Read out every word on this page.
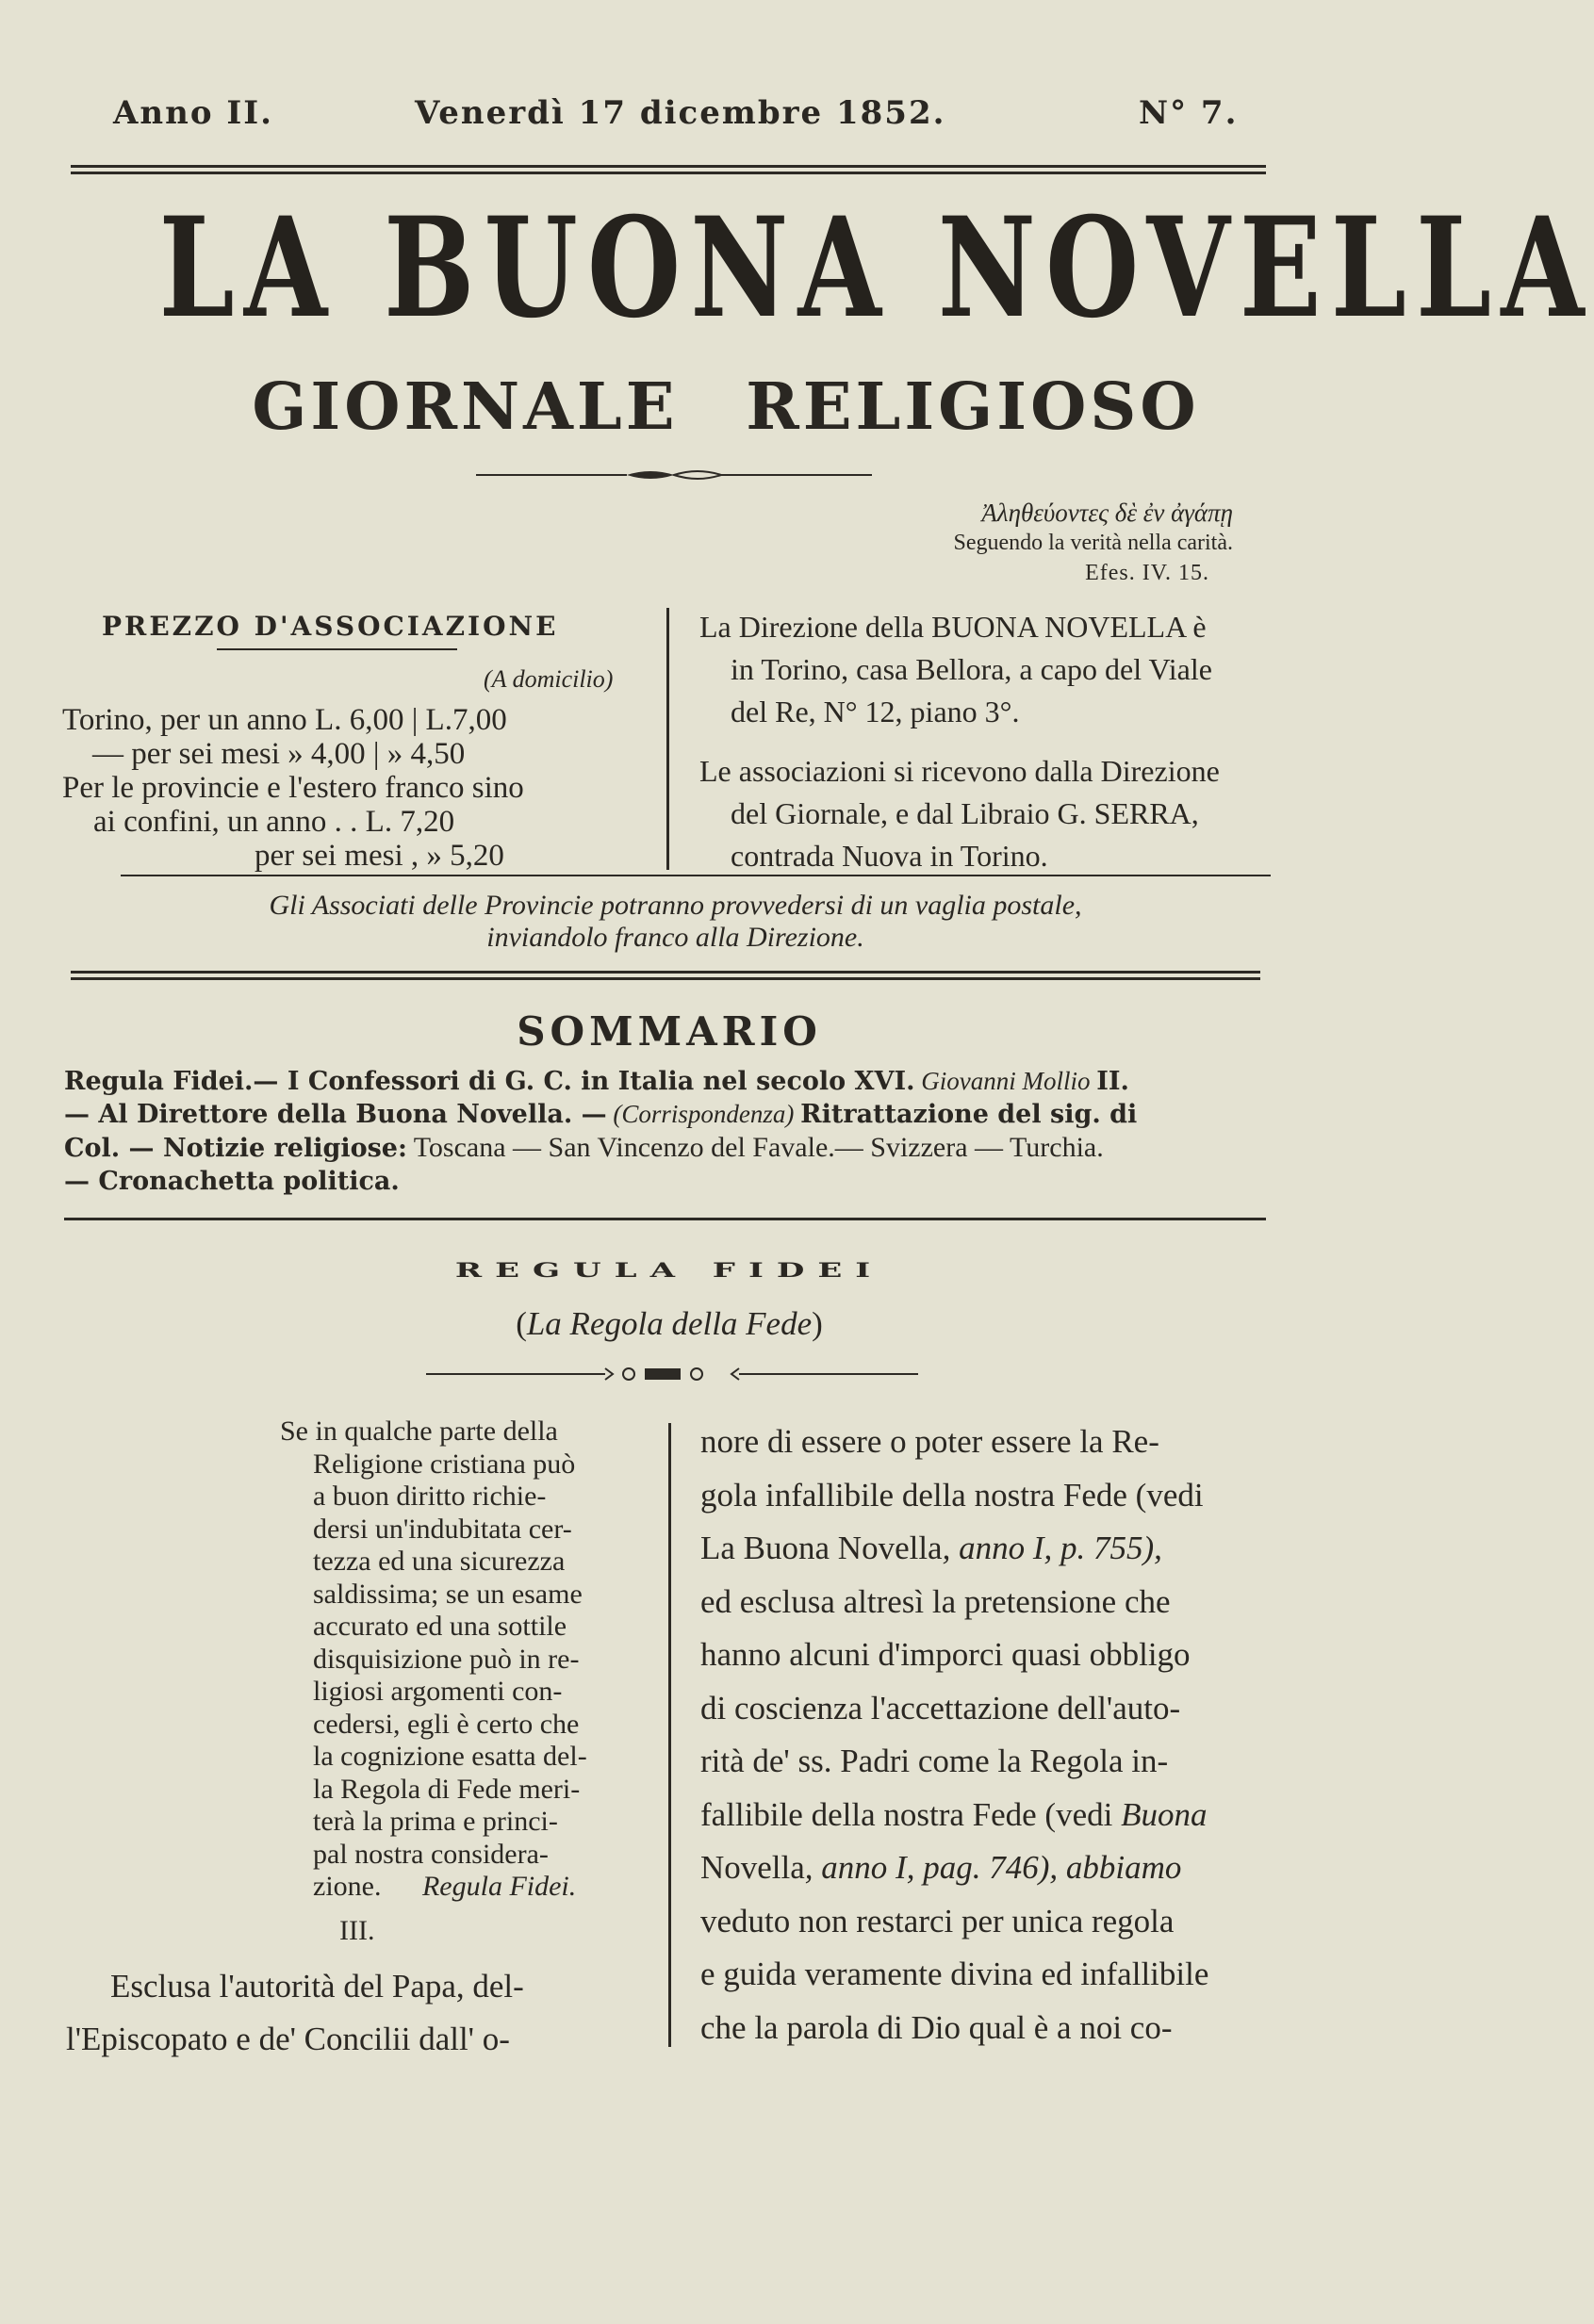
Anno II.	Venerdì 17 dicembre 1852.	N° 7.
LA BUONA NOVELLA
GIORNALE RELIGIOSO
Ἀληθεύοντες δὲ ἐν ἀγάπῃ
Seguendo la verità nella carità.
Efes. IV. 15.
PREZZO D'ASSOCIAZIONE
(A domicilio)
Torino, per un anno L. 6,00 | L.7,00
— per sei mesi » 4,00 | » 4,50
Per le provincie e l'estero franco sino
ai confini, un anno . . L. 7,20
per sei mesi , » 5,20
La Direzione della BUONA NOVELLA è
in Torino, casa Bellora, a capo del Viale
del Re, N° 12, piano 3°.
Le associazioni si ricevono dalla Direzione
del Giornale, e dal Libraio G. SERRA,
contrada Nuova in Torino.
Gli Associati delle Provincie potranno provvedersi di un vaglia postale,
inviandolo franco alla Direzione.
SOMMARIO
Regula Fidei.— I Confessori di G. C. in Italia nel secolo XVI. Giovanni Mollio II.
— Al Direttore della Buona Novella. — (Corrispondenza) Ritrattazione del sig. di
Col. — Notizie religiose: Toscana — San Vincenzo del Favale.— Svizzera — Turchia.
— Cronachetta politica.
REGULA FIDEI
(La Regola della Fede)
Se in qualche parte della
Religione cristiana può
a buon diritto richie-
dersi un'indubitata cer-
tezza ed una sicurezza
saldissima; se un esame
accurato ed una sottile
disquisizione può in re-
ligiosi argomenti con-
cedersi, egli è certo che
la cognizione esatta del-
la Regola di Fede meri-
terà la prima e princi-
pal nostra considera-
zione. Regula Fidei.
III.
Esclusa l'autorità del Papa, del-
l'Episcopato e de' Concilii dall' o-
nore di essere o poter essere la Re-
gola infallibile della nostra Fede (vedi
La Buona Novella, anno I, p. 755),
ed esclusa altresì la pretensione che
hanno alcuni d'imporci quasi obbligo
di coscienza l'accettazione dell'auto-
rità de' ss. Padri come la Regola in-
fallibile della nostra Fede (vedi Buona
Novella, anno I, pag. 746), abbiamo
veduto non restarci per unica regola
e guida veramente divina ed infallibile
che la parola di Dio qual è a noi co-
